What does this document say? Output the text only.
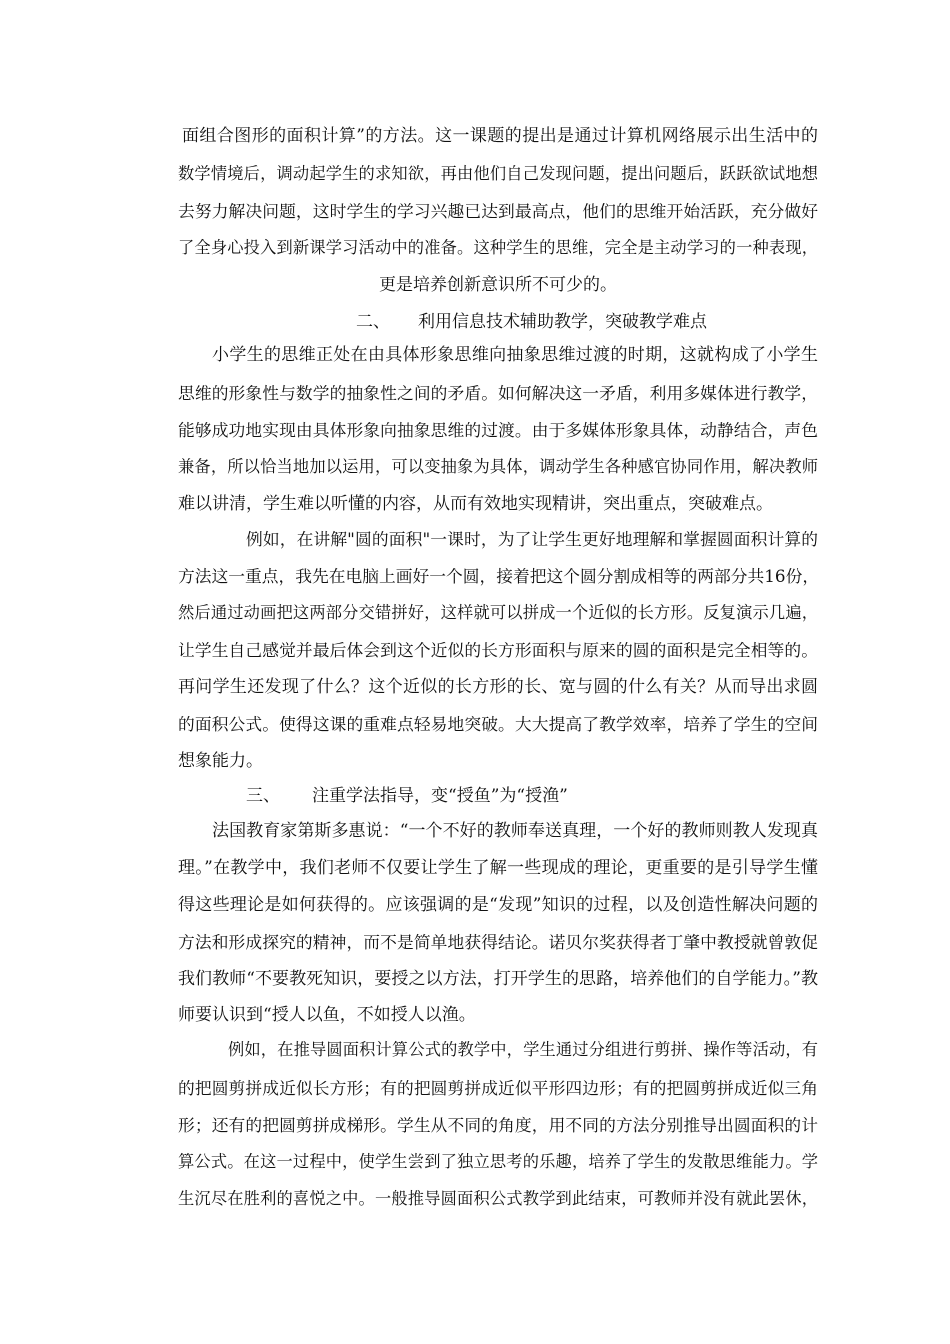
面组合图形的面积计算”的方法。这一课题的提出是通过计算机网络展示出生活中的
数学情境后，调动起学生的求知欲，再由他们自己发现问题，提出问题后，跃跃欲试地想
去努力解决问题，这时学生的学习兴趣已达到最高点，他们的思维开始活跃，充分做好
了全身心投入到新课学习活动中的准备。这种学生的思维，完全是主动学习的一种表现，
更是培养创新意识所不可少的。
二、 利用信息技术辅助教学，突破教学难点
小学生的思维正处在由具体形象思维向抽象思维过渡的时期，这就构成了小学生
思维的形象性与数学的抽象性之间的矛盾。如何解决这一矛盾，利用多媒体进行教学，
能够成功地实现由具体形象向抽象思维的过渡。由于多媒体形象具体，动静结合，声色
兼备，所以恰当地加以运用，可以变抽象为具体，调动学生各种感官协同作用，解决教师
难以讲清，学生难以听懂的内容，从而有效地实现精讲，突出重点，突破难点。
例如，在讲解"圆的面积"一课时，为了让学生更好地理解和掌握圆面积计算的
方法这一重点，我先在电脑上画好一个圆，接着把这个圆分割成相等的两部分共16份，
然后通过动画把这两部分交错拼好，这样就可以拼成一个近似的长方形。反复演示几遍，
让学生自己感觉并最后体会到这个近似的长方形面积与原来的圆的面积是完全相等的。
再问学生还发现了什么？这个近似的长方形的长、宽与圆的什么有关？从而导出求圆
的面积公式。使得这课的重难点轻易地突破。大大提高了教学效率，培养了学生的空间
想象能力。
三、 注重学法指导，变“授鱼”为“授渔”
法国教育家第斯多惠说：“一个不好的教师奉送真理，一个好的教师则教人发现真
理。”在教学中，我们老师不仅要让学生了解一些现成的理论，更重要的是引导学生懂
得这些理论是如何获得的。应该强调的是“发现”知识的过程，以及创造性解决问题的
方法和形成探究的精神，而不是简单地获得结论。诺贝尔奖获得者丁肇中教授就曾敦促
我们教师“不要教死知识，要授之以方法，打开学生的思路，培养他们的自学能力。”教
师要认识到“授人以鱼，不如授人以渔。
例如，在推导圆面积计算公式的教学中，学生通过分组进行剪拼、操作等活动，有
的把圆剪拼成近似长方形；有的把圆剪拼成近似平形四边形；有的把圆剪拼成近似三角
形；还有的把圆剪拼成梯形。学生从不同的角度，用不同的方法分别推导出圆面积的计
算公式。在这一过程中，使学生尝到了独立思考的乐趣，培养了学生的发散思维能力。学
生沉尽在胜利的喜悦之中。一般推导圆面积公式教学到此结束，可教师并没有就此罢休，
